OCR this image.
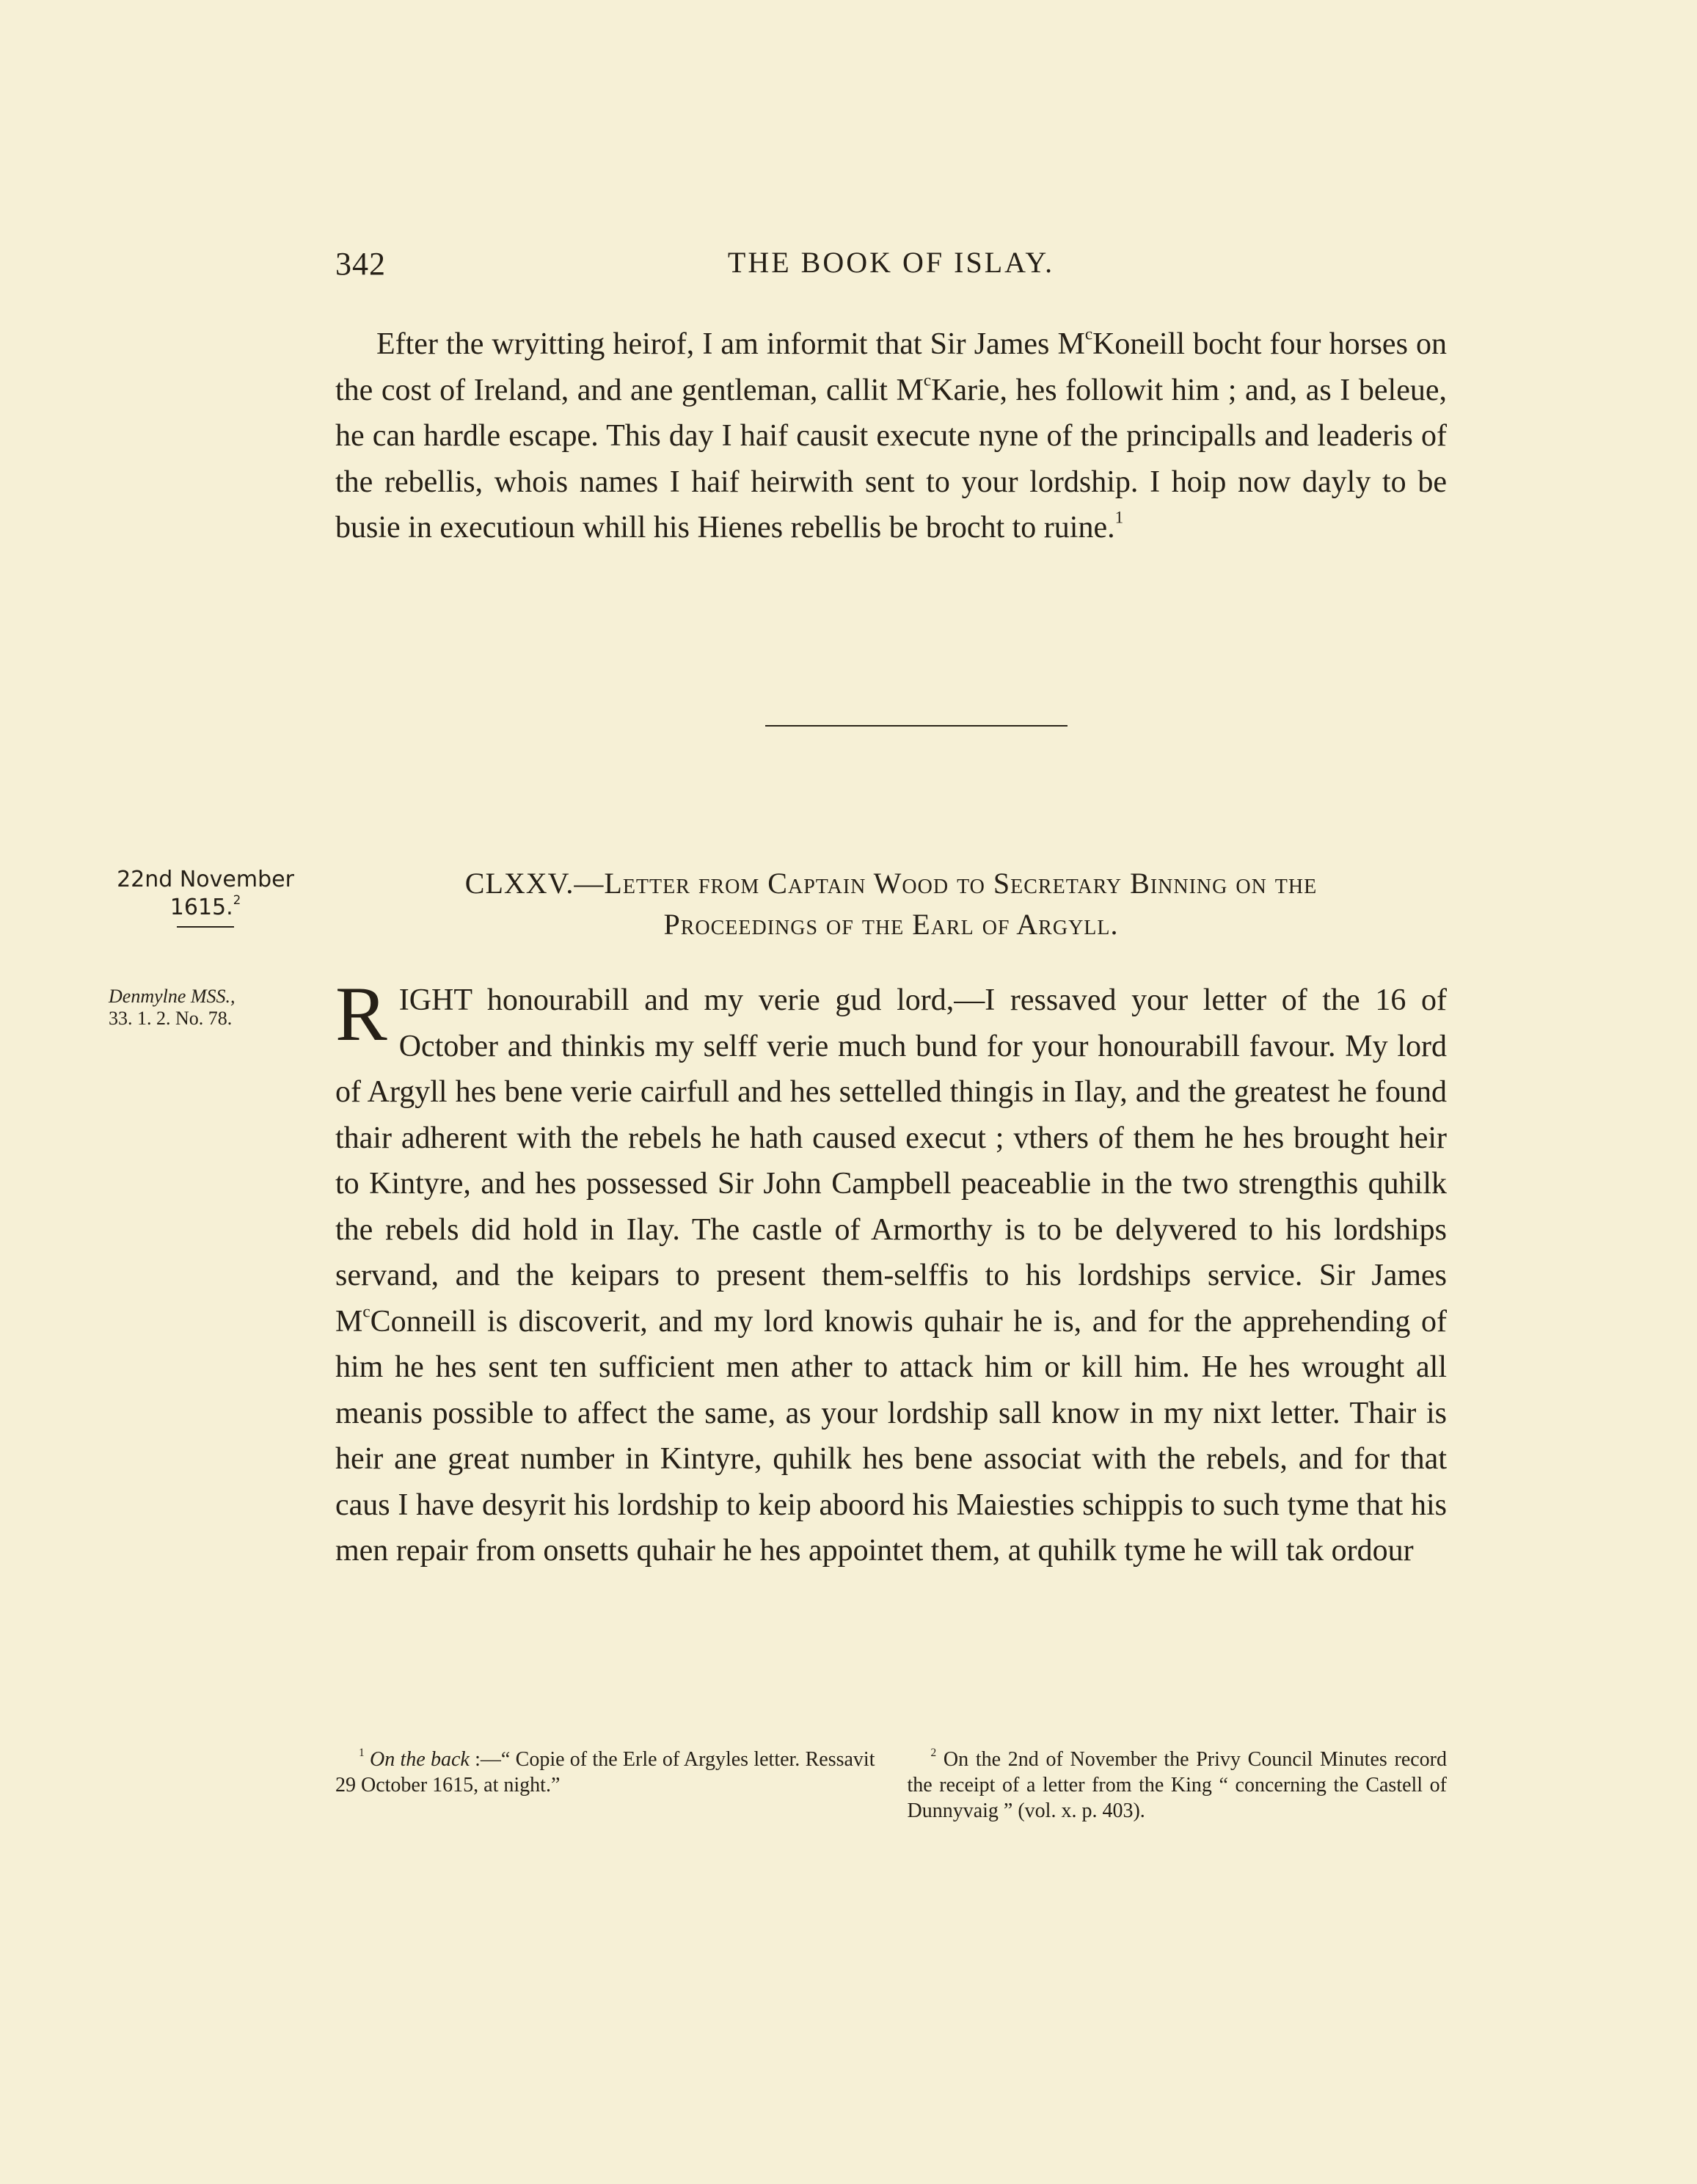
342	THE BOOK OF ISLAY.

Efter the wryitting heirof, I am informit that Sir James $M^cKoneill$ bocht four horses on the cost of Ireland, and ane gentleman, callit $M^cKarie$, hes followit him ; and, as I beleue, he can hardle escape. This day I haif causit execute nyne of the principalls and leaderis of the rebellis, whois names I haif heirwith sent to your lordship. I hoip now dayly to be busie in executioun whill his Hienes rebellis be brocht to ruine.$^1$

22nd November
1615.$^2$
Denmylne MSS.,
33. 1. 2. No. 78.
CLXXV.—Letter from Captain Wood to Secretary Binning on the
Proceedings of the Earl of Argyll.

RIGHT honourabill and my verie gud lord,—I ressaved your letter of the 16 of October and thinkis my selff verie much bund for your honourabill favour. My lord of Argyll hes bene verie cairfull and hes settelled thingis in Ilay, and the greatest he found thair adherent with the rebels he hath caused execut ; vthers of them he hes brought heir to Kintyre, and hes possessed Sir John Campbell peaceablie in the two strengthis quhilk the rebels did hold in Ilay. The castle of Armorthy is to be delyvered to his lordships servand, and the keipars to present them-selffis to his lordships service. Sir James $M^cConneill$ is discoverit, and my lord knowis quhair he is, and for the apprehending of him he hes sent ten sufficient men ather to attack him or kill him. He hes wrought all meanis possible to affect the same, as your lordship sall know in my nixt letter. Thair is heir ane great number in Kintyre, quhilk hes bene associat with the rebels, and for that caus I have desyrit his lordship to keip aboord his Maiesties schippis to such tyme that his men repair from onsetts quhair he hes appointet them, at quhilk tyme he will tak ordour

$^1$ On the back :—“ Copie of the Erle of Argyles letter. Ressavit 29 October 1615, at night.”

$^2$ On the 2nd of November the Privy Council Minutes record the receipt of a letter from the King “ concerning the Castell of Dunnyvaig ” (vol. x. p. 403).
